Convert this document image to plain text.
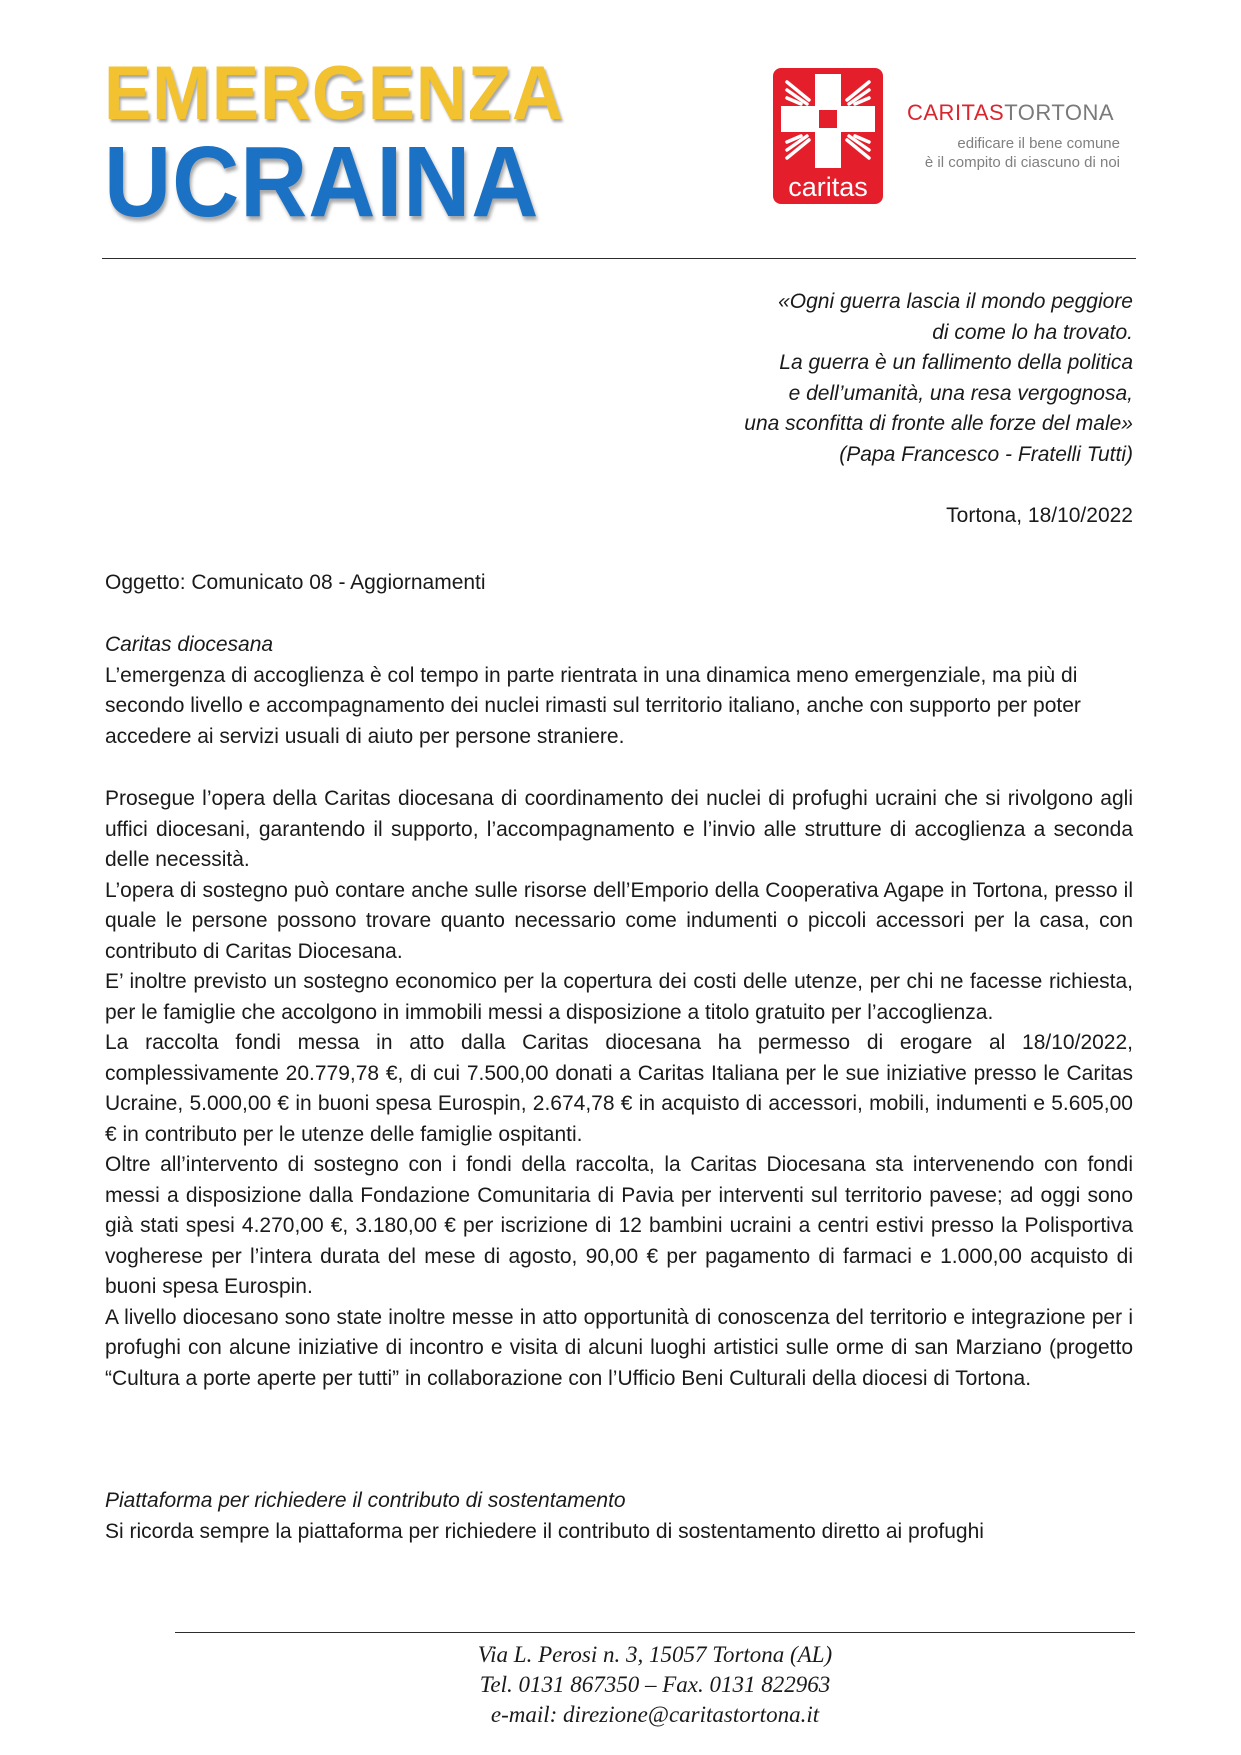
EMERGENZA
UCRAINA	caritas
CARITASTORTONA
edificare il bene comune
è il compito di ciascuno di noi
«Ogni guerra lascia il mondo peggiore
di come lo ha trovato.
La guerra è un fallimento della politica
e dell’umanità, una resa vergognosa,
una sconfitta di fronte alle forze del male»
(Papa Francesco - Fratelli Tutti)
Tortona, 18/10/2022
Oggetto: Comunicato 08 - Aggiornamenti
Caritas diocesana

L’emergenza di accoglienza è col tempo in parte rientrata in una dinamica meno emergenziale, ma più di secondo livello e accompagnamento dei nuclei rimasti sul territorio italiano, anche con supporto per poter accedere ai servizi usuali di aiuto per persone straniere.

Prosegue l’opera della Caritas diocesana di coordinamento dei nuclei di profughi ucraini che si rivolgono agli uffici diocesani, garantendo il supporto, l’accompagnamento e l’invio alle strutture di accoglienza a seconda delle necessità.

L’opera di sostegno può contare anche sulle risorse dell’Emporio della Cooperativa Agape in Tortona, presso il quale le persone possono trovare quanto necessario come indumenti o piccoli accessori per la casa, con contributo di Caritas Diocesana.

E’ inoltre previsto un sostegno economico per la copertura dei costi delle utenze, per chi ne facesse richiesta, per le famiglie che accolgono in immobili messi a disposizione a titolo gratuito per l’accoglienza.

La raccolta fondi messa in atto dalla Caritas diocesana ha permesso di erogare al 18/10/2022, complessivamente 20.779,78 €, di cui 7.500,00 donati a Caritas Italiana per le sue iniziative presso le Caritas Ucraine, 5.000,00 € in buoni spesa Eurospin, 2.674,78 € in acquisto di accessori, mobili, indumenti e 5.605,00 € in contributo per le utenze delle famiglie ospitanti.

Oltre all’intervento di sostegno con i fondi della raccolta, la Caritas Diocesana sta intervenendo con fondi messi a disposizione dalla Fondazione Comunitaria di Pavia per interventi sul territorio pavese; ad oggi sono già stati spesi 4.270,00 €, 3.180,00 € per iscrizione di 12 bambini ucraini a centri estivi presso la Polisportiva vogherese per l’intera durata del mese di agosto, 90,00 € per pagamento di farmaci e 1.000,00 acquisto di buoni spesa Eurospin.

A livello diocesano sono state inoltre messe in atto opportunità di conoscenza del territorio e integrazione per i profughi con alcune iniziative di incontro e visita di alcuni luoghi artistici sulle orme di san Marziano (progetto “Cultura a porte aperte per tutti” in collaborazione con l’Ufficio Beni Culturali della diocesi di Tortona.

Piattaforma per richiedere il contributo di sostentamento

Si ricorda sempre la piattaforma per richiedere il contributo di sostentamento diretto ai profughi

Via L. Perosi n. 3, 15057 Tortona (AL)
Tel. 0131 867350 – Fax. 0131 822963
e-mail: direzione@caritastortona.it
